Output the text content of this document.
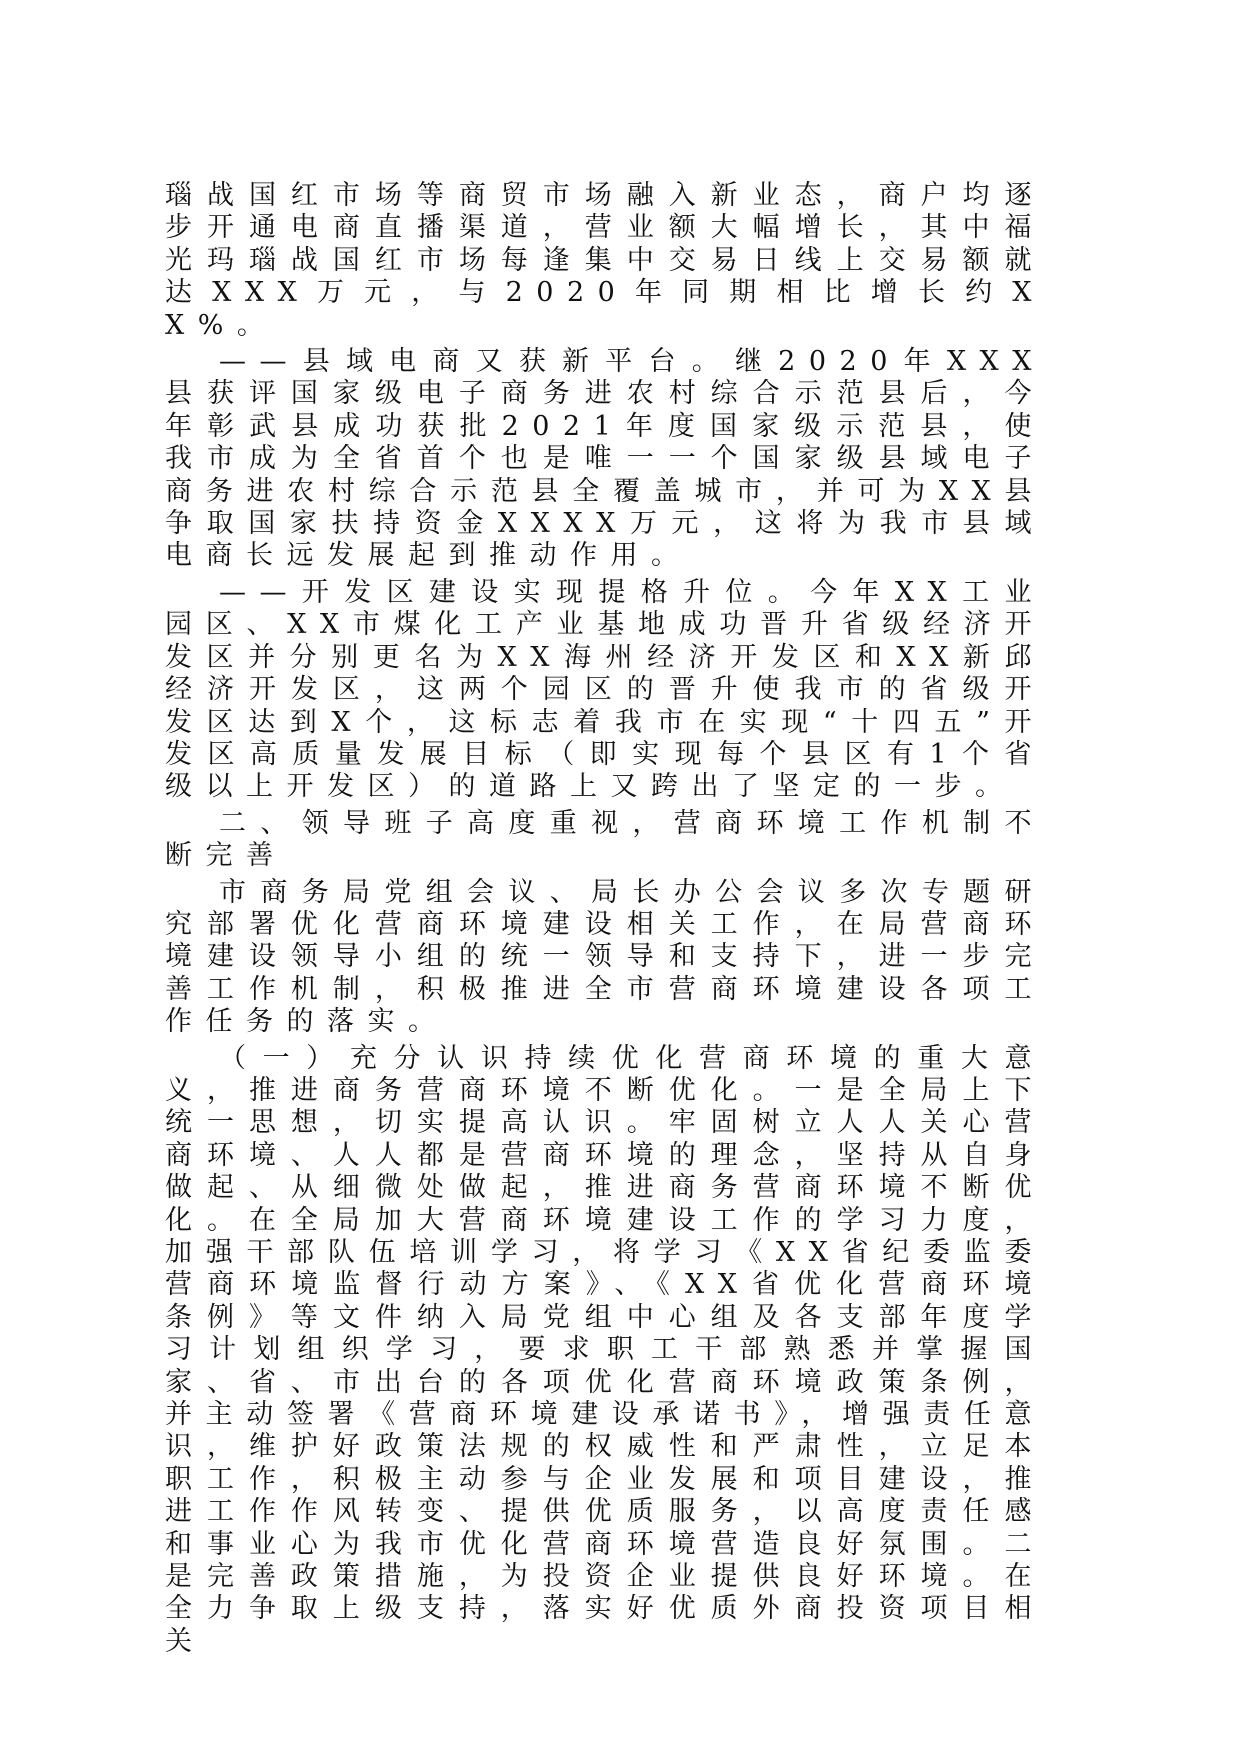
瑙战国红市场等商贸市场融入新业态，商户均逐步开通电商直播渠道，营业额大幅增长，其中福光玛瑙战国红市场每逢集中交易日线上交易额就达XXX万元，与2020年同期相比增长约XX%。

——县域电商又获新平台。继2020年XXX县获评国家级电子商务进农村综合示范县后，今年彰武县成功获批2021年度国家级示范县，使我市成为全省首个也是唯一一个国家级县域电子商务进农村综合示范县全覆盖城市，并可为XX县争取国家扶持资金XXXX万元，这将为我市县域电商长远发展起到推动作用。

——开发区建设实现提格升位。今年XX工业园区、XX市煤化工产业基地成功晋升省级经济开发区并分别更名为XX海州经济开发区和XX新邱经济开发区，这两个园区的晋升使我市的省级开发区达到X个，这标志着我市在实现“十四五”开发区高质量发展目标（即实现每个县区有1个省级以上开发区）的道路上又跨出了坚定的一步。

二、领导班子高度重视，营商环境工作机制不断完善

市商务局党组会议、局长办公会议多次专题研究部署优化营商环境建设相关工作，在局营商环境建设领导小组的统一领导和支持下，进一步完善工作机制，积极推进全市营商环境建设各项工作任务的落实。

（一）充分认识持续优化营商环境的重大意义，推进商务营商环境不断优化。一是全局上下统一思想，切实提高认识。牢固树立人人关心营商环境、人人都是营商环境的理念，坚持从自身做起、从细微处做起，推进商务营商环境不断优化。在全局加大营商环境建设工作的学习力度，加强干部队伍培训学习，将学习《XX省纪委监委营商环境监督行动方案》、《XX省优化营商环境条例》等文件纳入局党组中心组及各支部年度学习计划组织学习，要求职工干部熟悉并掌握国家、省、市出台的各项优化营商环境政策条例，并主动签署《营商环境建设承诺书》，增强责任意识，维护好政策法规的权威性和严肃性，立足本职工作，积极主动参与企业发展和项目建设，推进工作作风转变、提供优质服务，以高度责任感和事业心为我市优化营商环境营造良好氛围。二是完善政策措施，为投资企业提供良好环境。在全力争取上级支持，落实好优质外商投资项目相关
